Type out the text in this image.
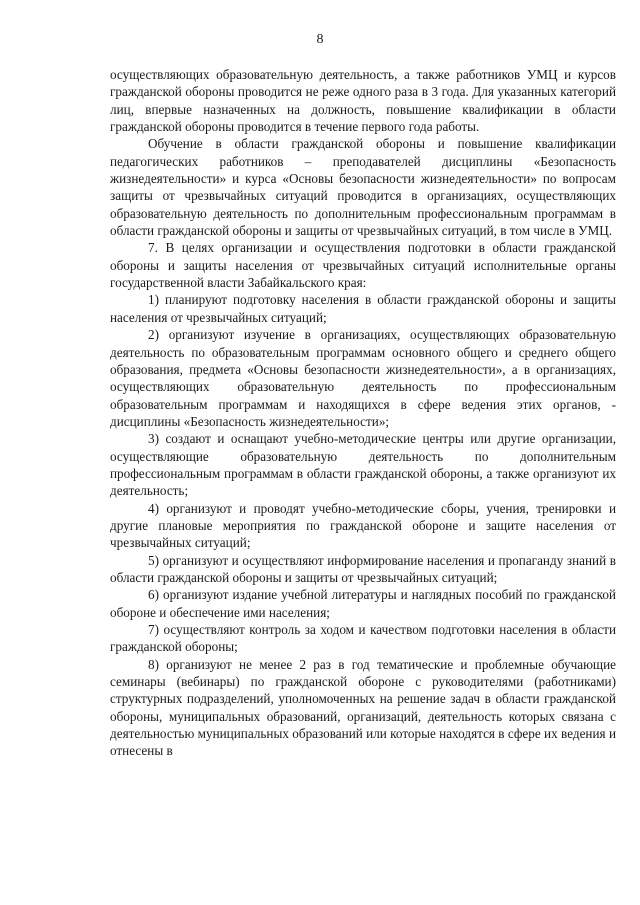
8

осуществляющих образовательную деятельность, а также работников УМЦ и курсов гражданской обороны проводится не реже одного раза в 3 года. Для указанных категорий лиц, впервые назначенных на должность, повышение квалификации в области гражданской обороны проводится в течение первого года работы.

Обучение в области гражданской обороны и повышение квалификации педагогических работников – преподавателей дисциплины «Безопасность жизнедеятельности» и курса «Основы безопасности жизнедеятельности» по вопросам защиты от чрезвычайных ситуаций проводится в организациях, осуществляющих образовательную деятельность по дополнительным профессиональным программам в области гражданской обороны и защиты от чрезвычайных ситуаций, в том числе в УМЦ.

7. В целях организации и осуществления подготовки в области гражданской обороны и защиты населения от чрезвычайных ситуаций исполнительные органы государственной власти Забайкальского края:

1) планируют подготовку населения в области гражданской обороны и защиты населения от чрезвычайных ситуаций;

2) организуют изучение в организациях, осуществляющих образовательную деятельность по образовательным программам основного общего и среднего общего образования, предмета «Основы безопасности жизнедеятельности», а в организациях, осуществляющих образовательную деятельность по профессиональным образовательным программам и находящихся в сфере ведения этих органов, - дисциплины «Безопасность жизнедеятельности»;

3) создают и оснащают учебно-методические центры или другие организации, осуществляющие образовательную деятельность по дополнительным профессиональным программам в области гражданской обороны, а также организуют их деятельность;

4) организуют и проводят учебно-методические сборы, учения, тренировки и другие плановые мероприятия по гражданской обороне и защите населения от чрезвычайных ситуаций;

5) организуют и осуществляют информирование населения и пропаганду знаний в области гражданской обороны и защиты от чрезвычайных ситуаций;

6) организуют издание учебной литературы и наглядных пособий по гражданской обороне и обеспечение ими населения;

7) осуществляют контроль за ходом и качеством подготовки населения в области гражданской обороны;

8) организуют не менее 2 раз в год тематические и проблемные обучающие семинары (вебинары) по гражданской обороне с руководителями (работниками) структурных подразделений, уполномоченных на решение задач в области гражданской обороны, муниципальных образований, организаций, деятельность которых связана с деятельностью муниципальных образований или которые находятся в сфере их ведения и отнесены в
